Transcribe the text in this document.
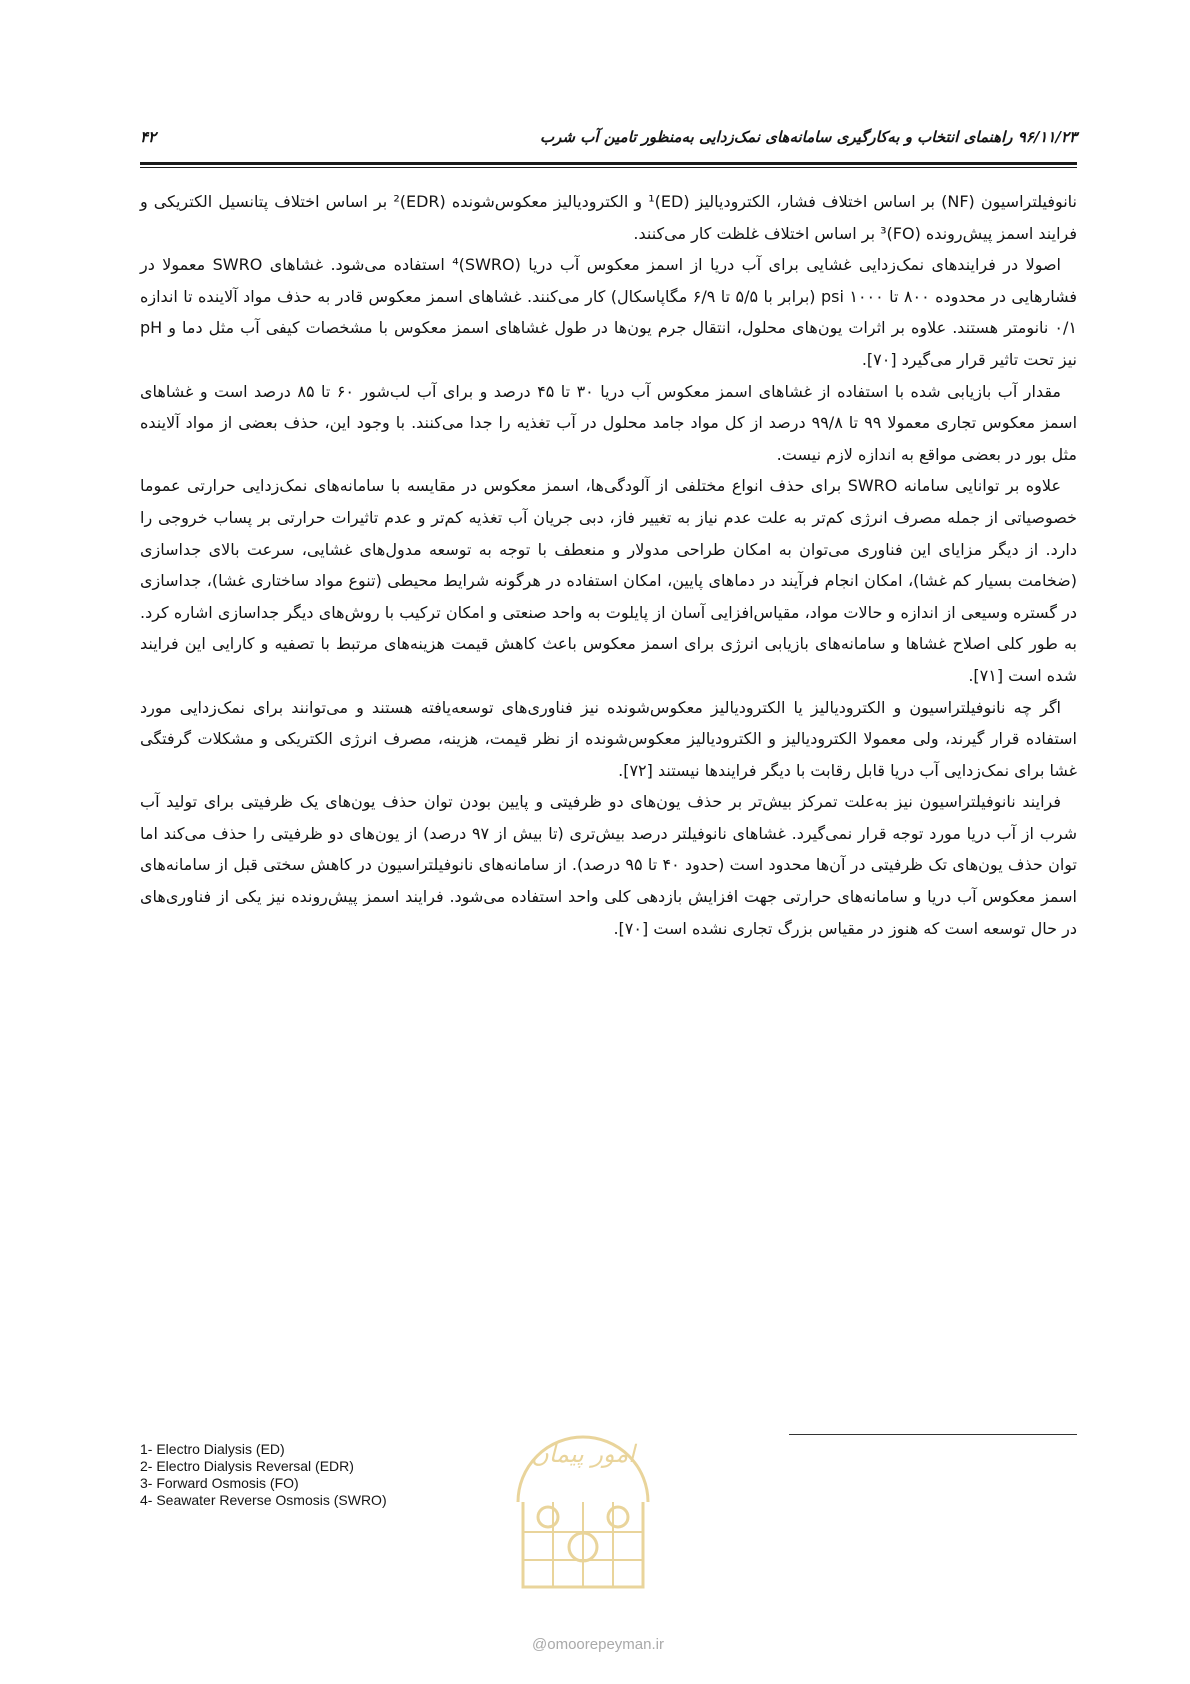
۹۶/۱۱/۲۳ راهنمای انتخاب و به‌کارگیری سامانه‌های نمک‌زدایی به‌منظور تامین آب شرب
۴۲

نانوفیلتراسیون (NF) بر اساس اختلاف فشار، الکترودیالیز (ED)¹ و الکترودیالیز معکوس‌شونده (EDR)² بر اساس اختلاف پتانسیل الکتریکی و فرایند اسمز پیش‌رونده (FO)³ بر اساس اختلاف غلظت کار می‌کنند.

اصولا در فرایندهای نمک‌زدایی غشایی برای آب دریا از اسمز معکوس آب دریا (SWRO)⁴ استفاده می‌شود. غشاهای SWRO معمولا در فشارهایی در محدوده ۸۰۰ تا ۱۰۰۰ psi (برابر با ۵/۵ تا ۶/۹ مگاپاسکال) کار می‌کنند. غشاهای اسمز معکوس قادر به حذف مواد آلاینده تا اندازه ۰/۱ نانومتر هستند. علاوه بر اثرات یون‌های محلول، انتقال جرم یون‌ها در طول غشاهای اسمز معکوس با مشخصات کیفی آب مثل دما و pH نیز تحت تاثیر قرار می‌گیرد [۷۰].

مقدار آب بازیابی شده با استفاده از غشاهای اسمز معکوس آب دریا ۳۰ تا ۴۵ درصد و برای آب لب‌شور ۶۰ تا ۸۵ درصد است و غشاهای اسمز معکوس تجاری معمولا ۹۹ تا ۹۹/۸ درصد از کل مواد جامد محلول در آب تغذیه را جدا می‌کنند. با وجود این، حذف بعضی از مواد آلاینده مثل بور در بعضی مواقع به اندازه لازم نیست.

علاوه بر توانایی سامانه SWRO برای حذف انواع مختلفی از آلودگی‌ها، اسمز معکوس در مقایسه با سامانه‌های نمک‌زدایی حرارتی عموما خصوصیاتی از جمله مصرف انرژی کم‌تر به علت عدم نیاز به تغییر فاز، دبی جریان آب تغذیه کم‌تر و عدم تاثیرات حرارتی بر پساب خروجی را دارد. از دیگر مزایای این فناوری می‌توان به امکان طراحی مدولار و منعطف با توجه به توسعه مدول‌های غشایی، سرعت بالای جداسازی (ضخامت بسیار کم غشا)، امکان انجام فرآیند در دماهای پایین، امکان استفاده در هرگونه شرایط محیطی (تنوع مواد ساختاری غشا)، جداسازی در گستره وسیعی از اندازه و حالات مواد، مقیاس‌افزایی آسان از پایلوت به واحد صنعتی و امکان ترکیب با روش‌های دیگر جداسازی اشاره کرد. به طور کلی اصلاح غشاها و سامانه‌های بازیابی انرژی برای اسمز معکوس باعث کاهش قیمت هزینه‌های مرتبط با تصفیه و کارایی این فرایند شده است [۷۱].

اگر چه نانوفیلتراسیون و الکترودیالیز یا الکترودیالیز معکوس‌شونده نیز فناوری‌های توسعه‌یافته هستند و می‌توانند برای نمک‌زدایی مورد استفاده قرار گیرند، ولی معمولا الکترودیالیز و الکترودیالیز معکوس‌شونده از نظر قیمت، هزینه، مصرف انرژی الکتریکی و مشکلات گرفتگی غشا برای نمک‌زدایی آب دریا قابل رقابت با دیگر فرایندها نیستند [۷۲].

فرایند نانوفیلتراسیون نیز به‌علت تمرکز بیش‌تر بر حذف یون‌های دو ظرفیتی و پایین بودن توان حذف یون‌های یک ظرفیتی برای تولید آب شرب از آب دریا مورد توجه قرار نمی‌گیرد. غشاهای نانوفیلتر درصد بیش‌تری (تا بیش از ۹۷ درصد) از یون‌های دو ظرفیتی را حذف می‌کند اما توان حذف یون‌های تک ظرفیتی در آن‌ها محدود است (حدود ۴۰ تا ۹۵ درصد). از سامانه‌های نانوفیلتراسیون در کاهش سختی قبل از سامانه‌های اسمز معکوس آب دریا و سامانه‌های حرارتی جهت افزایش بازدهی کلی واحد استفاده می‌شود. فرایند اسمز پیش‌رونده نیز یکی از فناوری‌های در حال توسعه است که هنوز در مقیاس بزرگ تجاری نشده است [۷۰].

1- Electro Dialysis (ED)
2- Electro Dialysis Reversal (EDR)
3- Forward Osmosis (FO)
4- Seawater Reverse Osmosis (SWRO)
امور پیمان
@omoorepeyman.ir
